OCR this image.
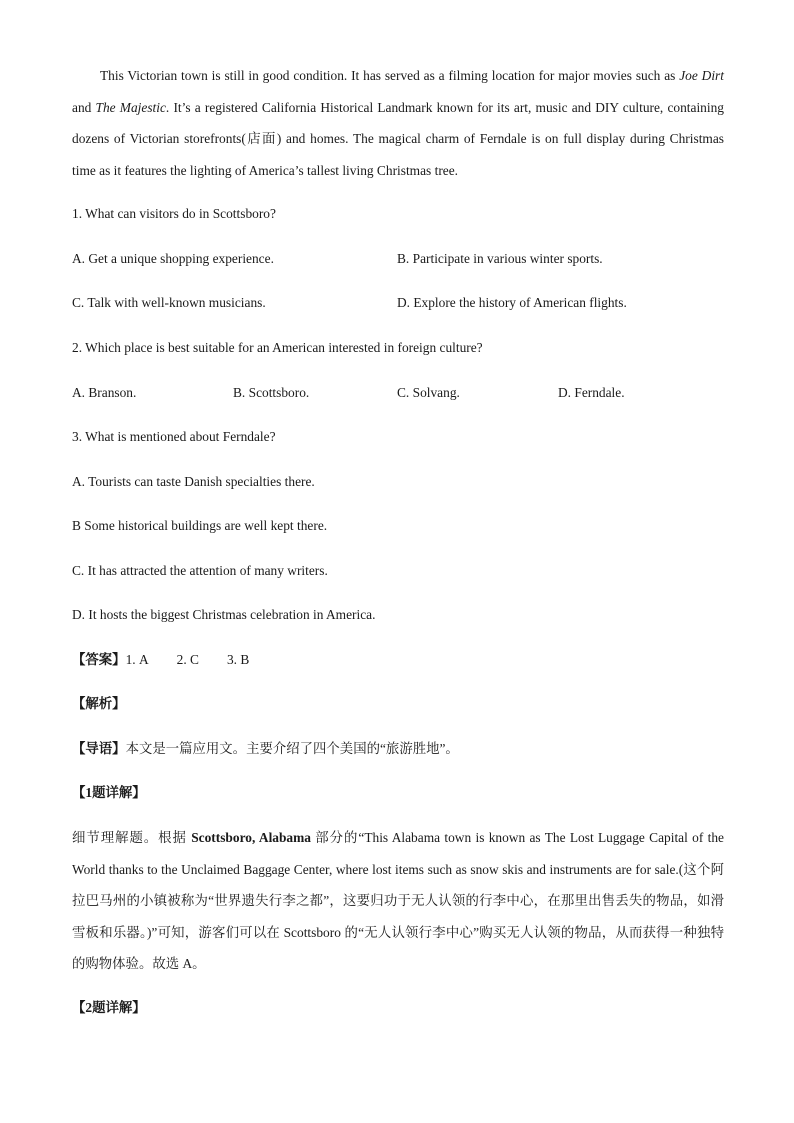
This Victorian town is still in good condition. It has served as a filming location for major movies such as Joe Dirt and The Majestic. It’s a registered California Historical Landmark known for its art, music and DIY culture, containing dozens of Victorian storefronts(店面) and homes. The magical charm of Ferndale is on full display during Christmas time as it features the lighting of America’s tallest living Christmas tree.
1. What can visitors do in Scottsboro?
A. Get a unique shopping experience.	B. Participate in various winter sports.
C. Talk with well-known musicians.	D. Explore the history of American flights.
2. Which place is best suitable for an American interested in foreign culture?
A. Branson.	B. Scottsboro.	C. Solvang.	D. Ferndale.
3. What is mentioned about Ferndale?
A. Tourists can taste Danish specialties there.
B Some historical buildings are well kept there.
C. It has attracted the attention of many writers.
D. It hosts the biggest Christmas celebration in America.
【答案】1. A 2. C 3. B
【解析】
【导语】本文是一篇应用文。主要介绍了四个美国的“旅游胜地”。
【1题详解】
细节理解题。根据 Scottsboro, Alabama 部分的“This Alabama town is known as The Lost Luggage Capital of the World thanks to the Unclaimed Baggage Center, where lost items such as snow skis and instruments are for sale.(这个阿拉巴马州的小镇被称为“世界遗失行李之都”，这要归功于无人认领的行李中心，在那里出售丢失的物品，如滑雪板和乐器。)”可知，游客们可以在 Scottsboro 的“无人认领行李中心”购买无人认领的物品，从而获得一种独特的购物体验。故选 A。
【2题详解】
